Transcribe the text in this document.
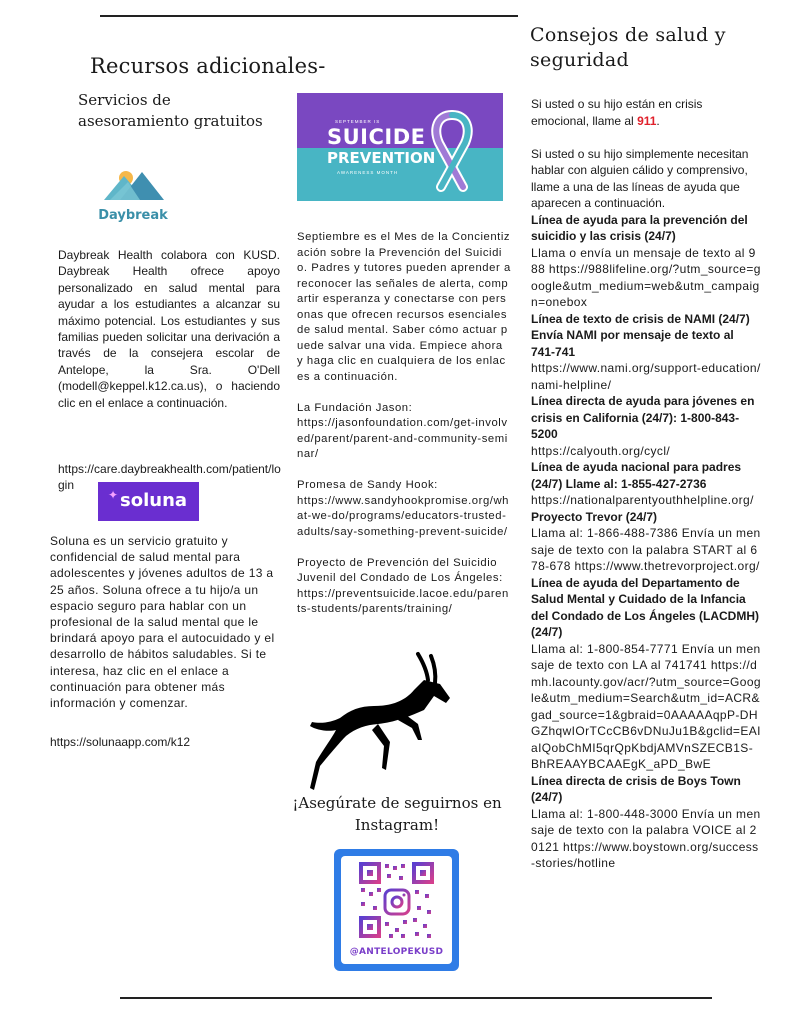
Recursos adicionales-
Servicios de
asesoramiento gratuitos
Daybreak
Daybreak Health colabora con KUSD. Daybreak Health ofrece apoyo personalizado en salud mental para ayudar a los estudiantes a alcanzar su máximo potencial. Los estudiantes y sus familias pueden solicitar una derivación a través de la consejera escolar de Antelope, la Sra. O'Dell (modell@keppel.k12.ca.us), o haciendo clic en el enlace a continuación.
https://care.daybreakhealth.com/patient/login
✦ soluna
Soluna es un servicio gratuito y confidencial de salud mental para adolescentes y jóvenes adultos de 13 a 25 años. Soluna ofrece a tu hijo/a un espacio seguro para hablar con un profesional de la salud mental que le brindará apoyo para el autocuidado y el desarrollo de hábitos saludables. Si te interesa, haz clic en el enlace a continuación para obtener más información y comenzar.
https://solunaapp.com/k12
SEPTEMBER IS
SUICIDE
PREVENTION
AWARENESS MONTH

Septiembre es el Mes de la Concientización sobre la Prevención del Suicidio. Padres y tutores pueden aprender a reconocer las señales de alerta, compartir esperanza y conectarse con personas que ofrecen recursos esenciales de salud mental. Saber cómo actuar puede salvar una vida. Empiece ahora y haga clic en cualquiera de los enlaces a continuación.

La Fundación Jason:

https://jasonfoundation.com/get-involved/parent/parent-and-community-seminar/

Promesa de Sandy Hook:

https://www.sandyhookpromise.org/what-we-do/programs/educators-trusted-adults/say-something-prevent-suicide/

Proyecto de Prevención del Suicidio Juvenil del Condado de Los Ángeles:

https://preventsuicide.lacoe.edu/parents-students/parents/training/

¡Asegúrate de seguirnos en Instagram!
@ANTELOPEKUSD
Consejos de salud y seguridad

Si usted o su hijo están en crisis emocional, llame al 911.

Si usted o su hijo simplemente necesitan hablar con alguien cálido y comprensivo, llame a una de las líneas de ayuda que aparecen a continuación.

Línea de ayuda para la prevención del suicidio y las crisis (24/7)

Llama o envía un mensaje de texto al 988 https://988lifeline.org/?utm_source=google&utm_medium=web&utm_campaign=onebox

Línea de texto de crisis de NAMI (24/7) Envía NAMI por mensaje de texto al 741-741

https://www.nami.org/support-education/nami-helpline/

Línea directa de ayuda para jóvenes en crisis en California (24/7): 1-800-843-5200

https://calyouth.org/cycl/

Línea de ayuda nacional para padres (24/7) Llame al: 1-855-427-2736

https://nationalparentyouthhelpline.org/

Proyecto Trevor (24/7)

Llama al: 1-866-488-7386 Envía un mensaje de texto con la palabra START al 678-678 https://www.thetrevorproject.org/

Línea de ayuda del Departamento de Salud Mental y Cuidado de la Infancia del Condado de Los Ángeles (LACDMH) (24/7)

Llama al: 1-800-854-7771 Envía un mensaje de texto con LA al 741741 https://dmh.lacounty.gov/acr/?utm_source=Google&utm_medium=Search&utm_id=ACR&gad_source=1&gbraid=0AAAAAqpP-DHGZhqwIOrTCcCB6vDNuJu1B&gclid=EAIaIQobChMI5qrQpKbdjAMVnSZECB1S-BhREAAYBCAAEgK_aPD_BwE

Línea directa de crisis de Boys Town (24/7)

Llama al: 1-800-448-3000 Envía un mensaje de texto con la palabra VOICE al 20121 https://www.boystown.org/success-stories/hotline
